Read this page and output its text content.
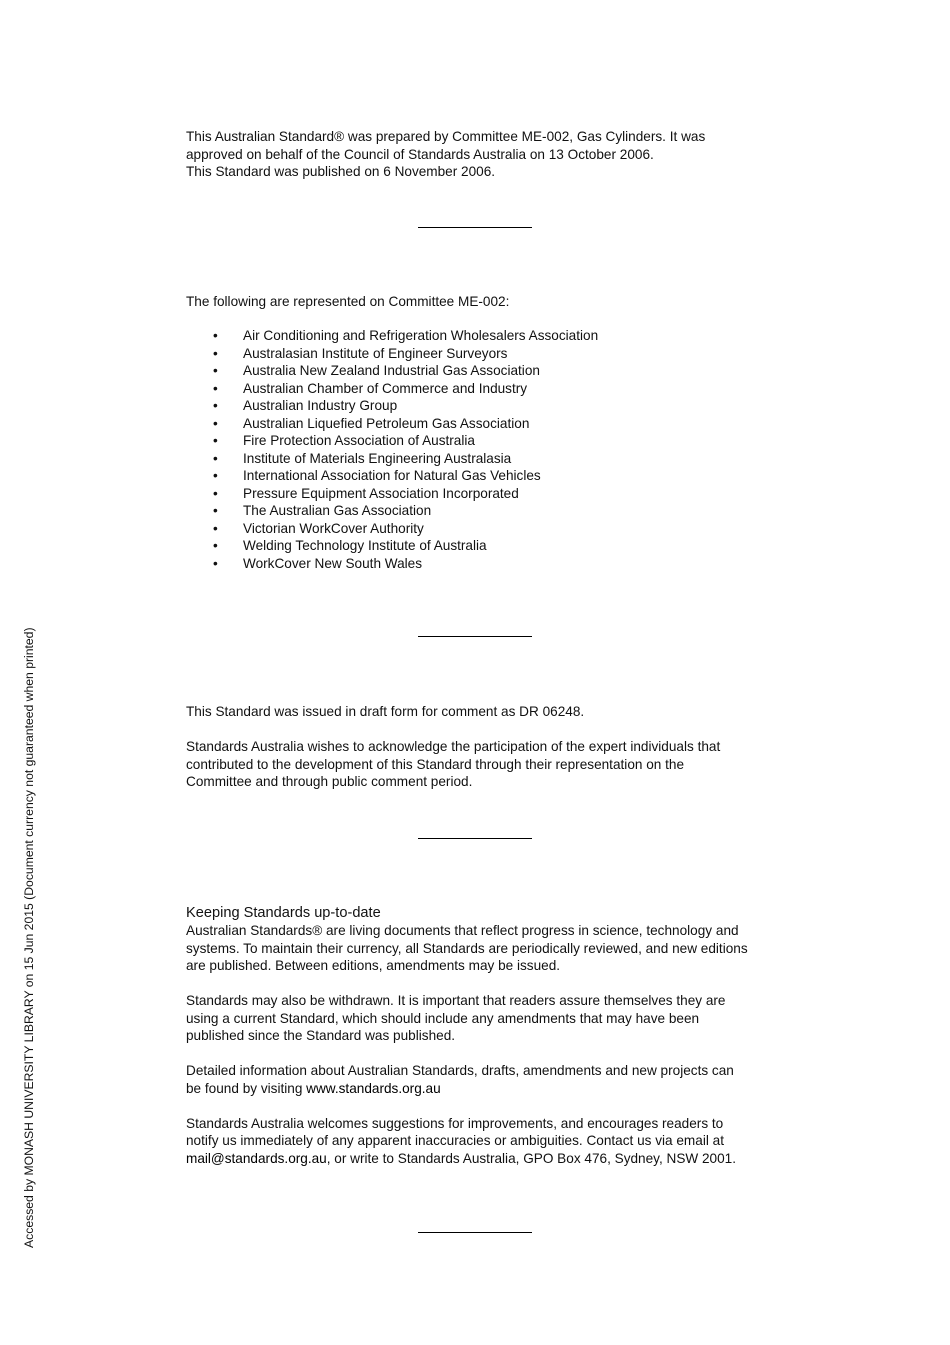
This Australian Standard® was prepared by Committee ME-002, Gas Cylinders. It was

approved on behalf of the Council of Standards Australia on 13 October 2006.

This Standard was published on 6 November 2006.

The following are represented on Committee ME-002:

• Air Conditioning and Refrigeration Wholesalers Association
• Australasian Institute of Engineer Surveyors
• Australia New Zealand Industrial Gas Association
• Australian Chamber of Commerce and Industry
• Australian Industry Group
• Australian Liquefied Petroleum Gas Association
• Fire Protection Association of Australia
• Institute of Materials Engineering Australasia
• International Association for Natural Gas Vehicles
• Pressure Equipment Association Incorporated
• The Australian Gas Association
• Victorian WorkCover Authority
• Welding Technology Institute of Australia
• WorkCover New South Wales

This Standard was issued in draft form for comment as DR 06248.

Standards Australia wishes to acknowledge the participation of the expert individuals that

contributed to the development of this Standard through their representation on the

Committee and through public comment period.

Keeping Standards up-to-date

Australian Standards® are living documents that reflect progress in science, technology and

systems. To maintain their currency, all Standards are periodically reviewed, and new editions

are published. Between editions, amendments may be issued.

Standards may also be withdrawn. It is important that readers assure themselves they are

using a current Standard, which should include any amendments that may have been

published since the Standard was published.

Detailed information about Australian Standards, drafts, amendments and new projects can

be found by visiting www.standards.org.au

Standards Australia welcomes suggestions for improvements, and encourages readers to

notify us immediately of any apparent inaccuracies or ambiguities. Contact us via email at

mail@standards.org.au, or write to Standards Australia, GPO Box 476, Sydney, NSW 2001.

Accessed by MONASH UNIVERSITY LIBRARY on 15 Jun 2015 (Document currency not guaranteed when printed)
